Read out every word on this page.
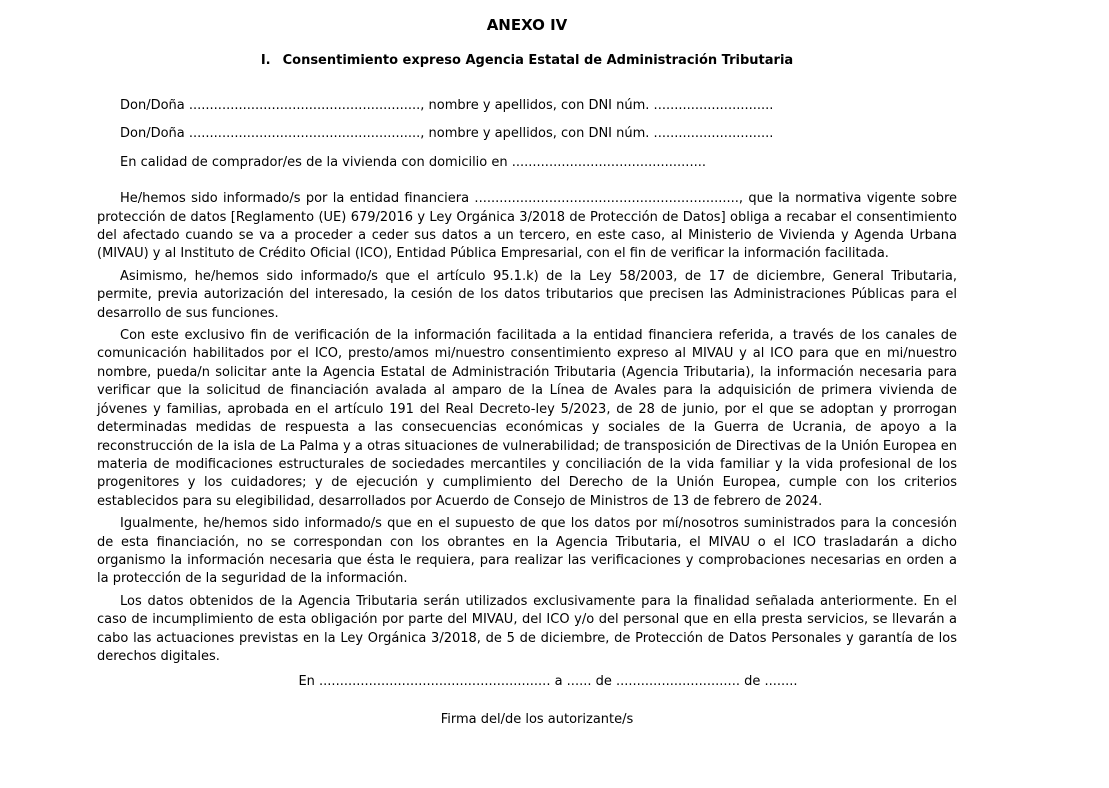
ANEXO IV
I. Consentimiento expreso Agencia Estatal de Administración Tributaria

Don/Doña ........................................................, nombre y apellidos, con DNI núm. .............................

Don/Doña ........................................................, nombre y apellidos, con DNI núm. .............................

En calidad de comprador/es de la vivienda con domicilio en ...............................................

He/hemos sido informado/s por la entidad financiera ................................................................, que la normativa vigente sobre protección de datos [Reglamento (UE) 679/2016 y Ley Orgánica 3/2018 de Protección de Datos] obliga a recabar el consentimiento del afectado cuando se va a proceder a ceder sus datos a un tercero, en este caso, al Ministerio de Vivienda y Agenda Urbana (MIVAU) y al Instituto de Crédito Oficial (ICO), Entidad Pública Empresarial, con el fin de verificar la información facilitada.

Asimismo, he/hemos sido informado/s que el artículo 95.1.k) de la Ley 58/2003, de 17 de diciembre, General Tributaria, permite, previa autorización del interesado, la cesión de los datos tributarios que precisen las Administraciones Públicas para el desarrollo de sus funciones.

Con este exclusivo fin de verificación de la información facilitada a la entidad financiera referida, a través de los canales de comunicación habilitados por el ICO, presto/amos mi/nuestro consentimiento expreso al MIVAU y al ICO para que en mi/nuestro nombre, pueda/n solicitar ante la Agencia Estatal de Administración Tributaria (Agencia Tributaria), la información necesaria para verificar que la solicitud de financiación avalada al amparo de la Línea de Avales para la adquisición de primera vivienda de jóvenes y familias, aprobada en el artículo 191 del Real Decreto-ley 5/2023, de 28 de junio, por el que se adoptan y prorrogan determinadas medidas de respuesta a las consecuencias económicas y sociales de la Guerra de Ucrania, de apoyo a la reconstrucción de la isla de La Palma y a otras situaciones de vulnerabilidad; de transposición de Directivas de la Unión Europea en materia de modificaciones estructurales de sociedades mercantiles y conciliación de la vida familiar y la vida profesional de los progenitores y los cuidadores; y de ejecución y cumplimiento del Derecho de la Unión Europea, cumple con los criterios establecidos para su elegibilidad, desarrollados por Acuerdo de Consejo de Ministros de 13 de febrero de 2024.

Igualmente, he/hemos sido informado/s que en el supuesto de que los datos por mí/nosotros suministrados para la concesión de esta financiación, no se correspondan con los obrantes en la Agencia Tributaria, el MIVAU o el ICO trasladarán a dicho organismo la información necesaria que ésta le requiera, para realizar las verificaciones y comprobaciones necesarias en orden a la protección de la seguridad de la información.

Los datos obtenidos de la Agencia Tributaria serán utilizados exclusivamente para la finalidad señalada anteriormente. En el caso de incumplimiento de esta obligación por parte del MIVAU, del ICO y/o del personal que en ella presta servicios, se llevarán a cabo las actuaciones previstas en la Ley Orgánica 3/2018, de 5 de diciembre, de Protección de Datos Personales y garantía de los derechos digitales.

En ........................................................ a ...... de .............................. de ........

Firma del/de los autorizante/s
